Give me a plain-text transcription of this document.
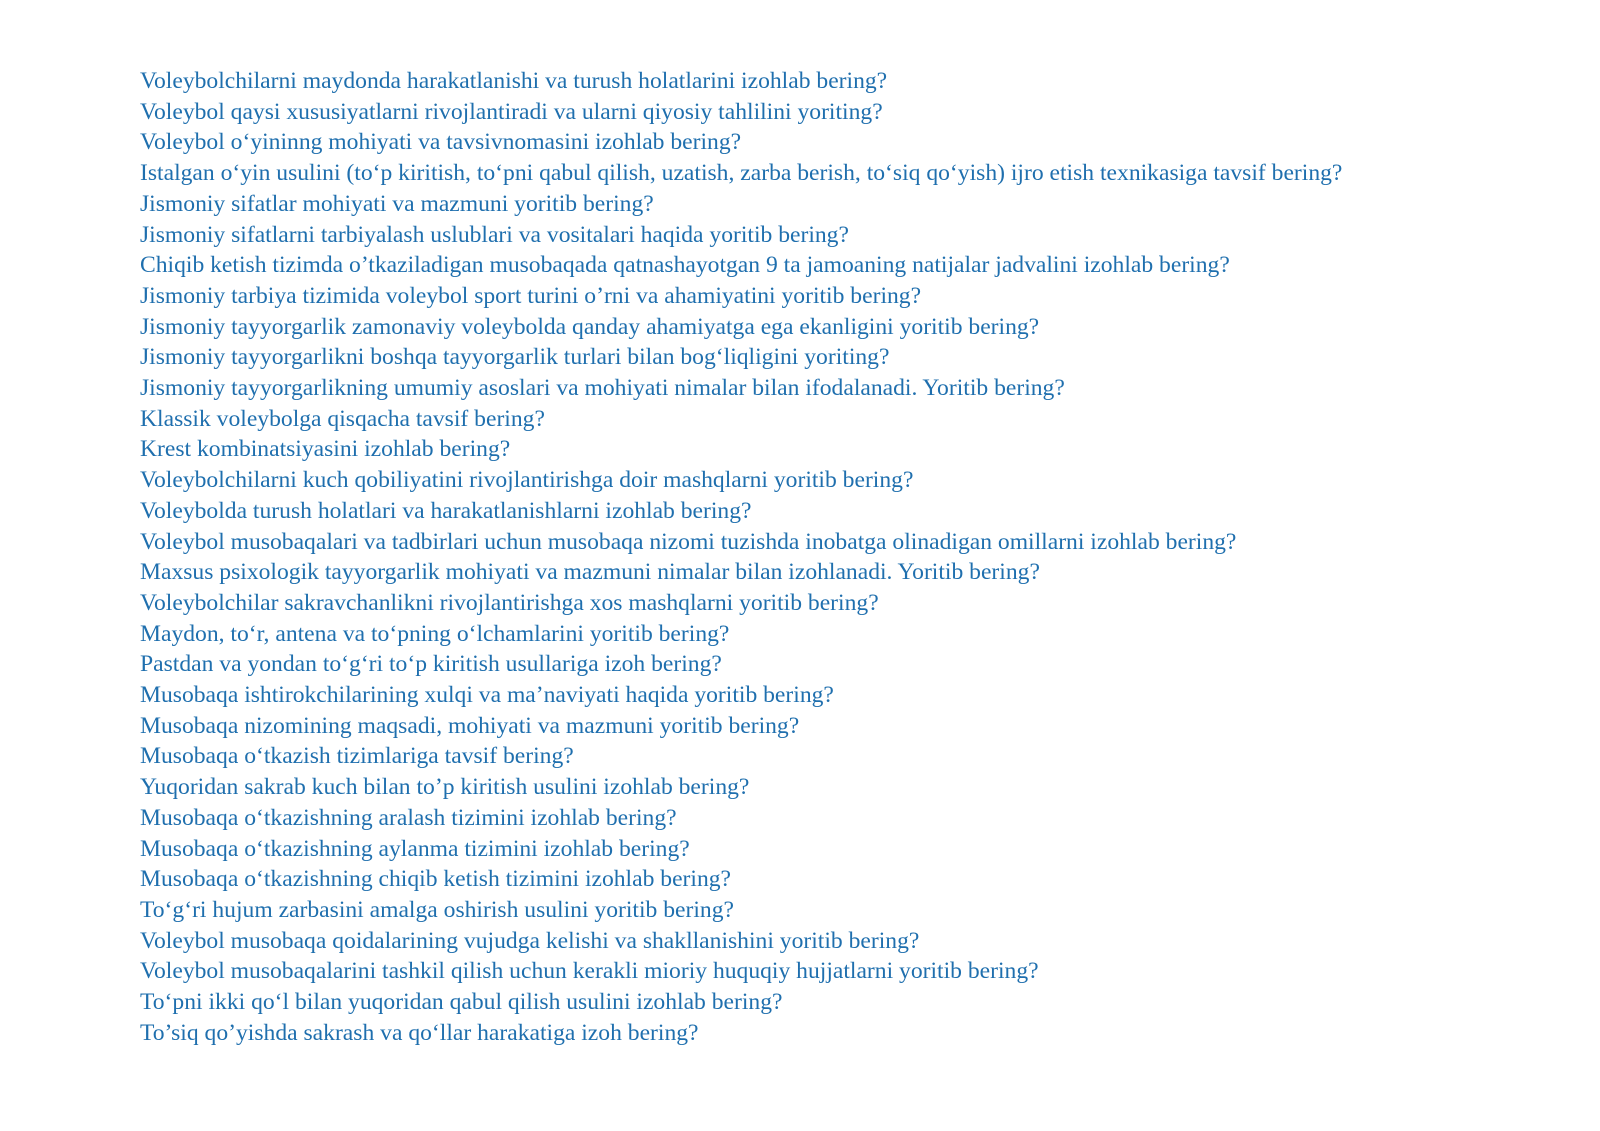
Voleybolchilarni maydonda harakatlanishi va turush holatlarini izohlab bering?
Voleybol qaysi xususiyatlarni rivojlantiradi va ularni qiyosiy tahlilini yoriting?
Voleybol o‘yininng mohiyati va tavsivnomasini izohlab bering?
Istalgan o‘yin usulini (to‘p kiritish, to‘pni qabul qilish, uzatish, zarba berish, to‘siq qo‘yish) ijro etish texnikasiga tavsif bering?
Jismoniy sifatlar mohiyati va mazmuni yoritib bering?
Jismoniy sifatlarni tarbiyalash uslublari va vositalari haqida yoritib bering?
Chiqib ketish tizimda o’tkaziladigan musobaqada qatnashayotgan 9 ta jamoaning natijalar jadvalini izohlab bering?
Jismoniy tarbiya tizimida voleybol sport turini o’rni va ahamiyatini yoritib bering?
Jismoniy tayyorgarlik zamonaviy voleybolda qanday ahamiyatga ega ekanligini yoritib bering?
Jismoniy tayyorgarlikni boshqa tayyorgarlik turlari bilan bog‘liqligini yoriting?
Jismoniy tayyorgarlikning umumiy asoslari va mohiyati nimalar bilan ifodalanadi. Yoritib bering?
Klassik voleybolga qisqacha tavsif bering?
Krest kombinatsiyasini izohlab bering?
Voleybolchilarni kuch qobiliyatini rivojlantirishga doir mashqlarni yoritib bering?
Voleybolda turush holatlari va harakatlanishlarni izohlab bering?
Voleybol musobaqalari va tadbirlari uchun musobaqa nizomi tuzishda inobatga olinadigan omillarni izohlab bering?
Maxsus psixologik tayyorgarlik mohiyati va mazmuni nimalar bilan izohlanadi. Yoritib bering?
Voleybolchilar sakravchanlikni rivojlantirishga xos mashqlarni yoritib bering?
Maydon, to‘r, antena va to‘pning o‘lchamlarini yoritib bering?
Pastdan va yondan to‘g‘ri to‘p kiritish usullariga izoh bering?
Musobaqa ishtirokchilarining xulqi va ma’naviyati haqida yoritib bering?
Musobaqa nizomining maqsadi, mohiyati va mazmuni yoritib bering?
Musobaqa o‘tkazish tizimlariga tavsif bering?
Yuqoridan sakrab kuch bilan to’p kiritish usulini izohlab bering?
Musobaqa o‘tkazishning aralash tizimini izohlab bering?
Musobaqa o‘tkazishning aylanma tizimini izohlab bering?
Musobaqa o‘tkazishning chiqib ketish tizimini izohlab bering?
To‘g‘ri hujum zarbasini amalga oshirish usulini yoritib bering?
Voleybol musobaqa qoidalarining vujudga kelishi va shakllanishini yoritib bering?
Voleybol musobaqalarini tashkil qilish uchun kerakli mioriy huquqiy hujjatlarni yoritib bering?
To‘pni ikki qo‘l bilan yuqoridan qabul qilish usulini izohlab bering?
To’siq qo’yishda sakrash va qo‘llar harakatiga izoh bering?
